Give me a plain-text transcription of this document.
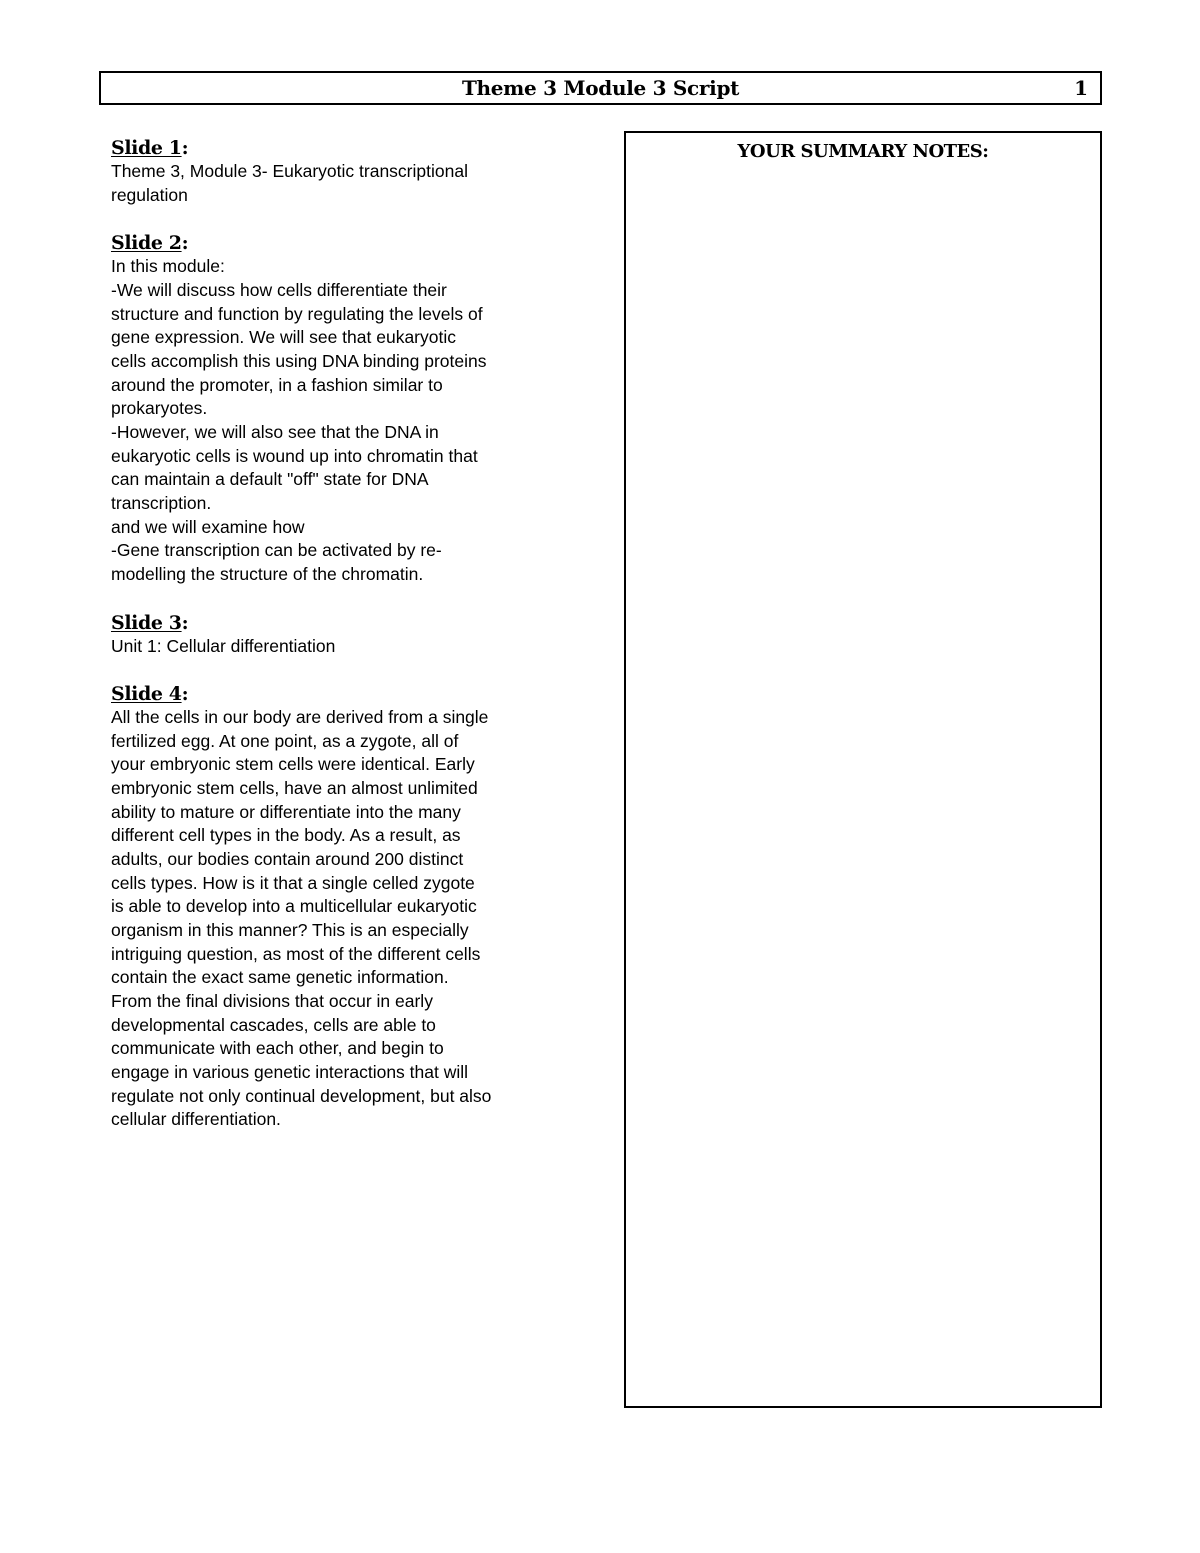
Theme 3 Module 3 Script	1
Slide 1:
Theme 3, Module 3- Eukaryotic transcriptional
regulation
Slide 2:
In this module:
-We will discuss how cells differentiate their
structure and function by regulating the levels of
gene expression. We will see that eukaryotic
cells accomplish this using DNA binding proteins
around the promoter, in a fashion similar to
prokaryotes.
-However, we will also see that the DNA in
eukaryotic cells is wound up into chromatin that
can maintain a default "off" state for DNA
transcription.
and we will examine how
-Gene transcription can be activated by re-
modelling the structure of the chromatin.
Slide 3:
Unit 1: Cellular differentiation
Slide 4:
All the cells in our body are derived from a single
fertilized egg. At one point, as a zygote, all of
your embryonic stem cells were identical. Early
embryonic stem cells, have an almost unlimited
ability to mature or differentiate into the many
different cell types in the body. As a result, as
adults, our bodies contain around 200 distinct
cells types. How is it that a single celled zygote
is able to develop into a multicellular eukaryotic
organism in this manner? This is an especially
intriguing question, as most of the different cells
contain the exact same genetic information.
From the final divisions that occur in early
developmental cascades, cells are able to
communicate with each other, and begin to
engage in various genetic interactions that will
regulate not only continual development, but also
cellular differentiation.
YOUR SUMMARY NOTES:
